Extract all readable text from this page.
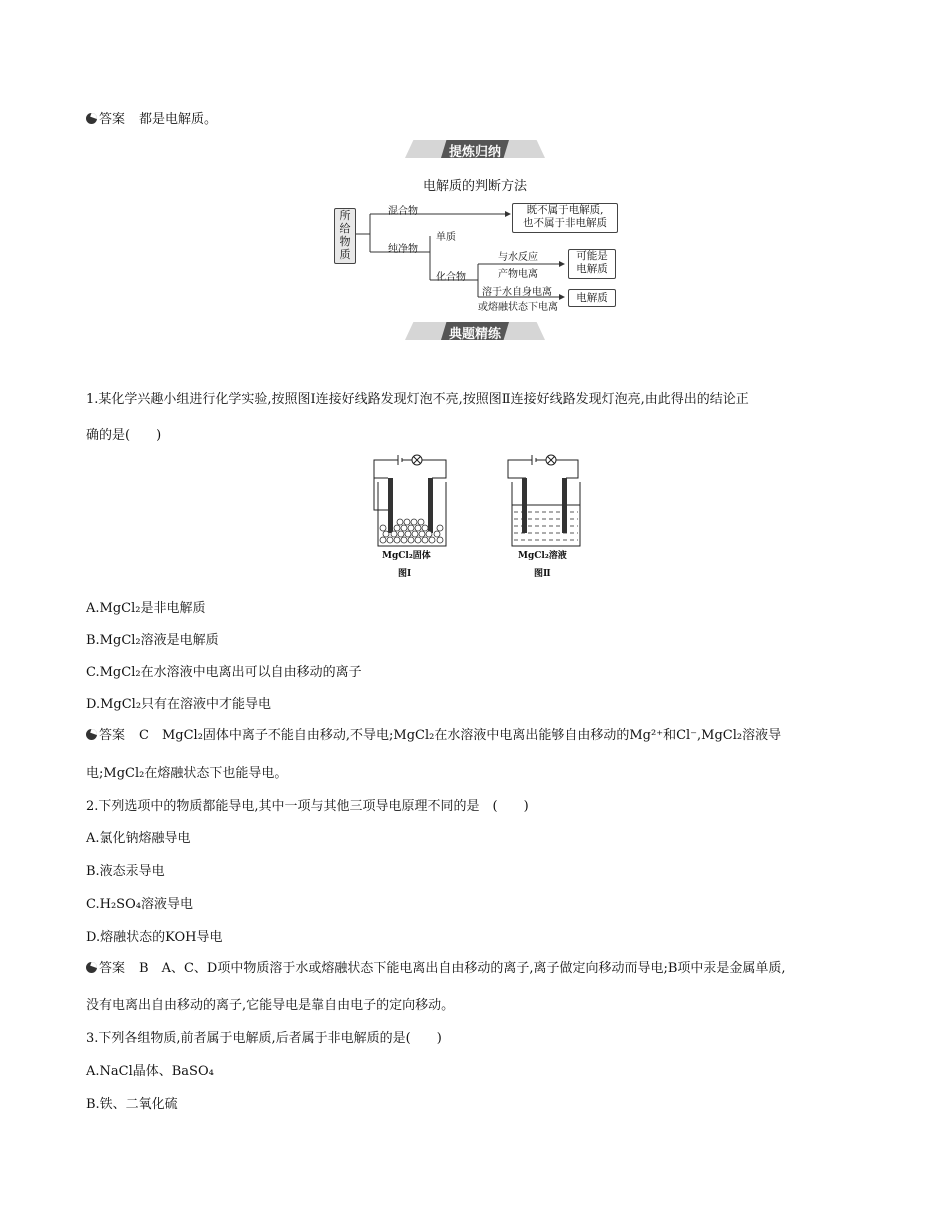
答案 都是电解质。
提炼归纳
电解质的判断方法
所给物质
混合物
纯净物
单质
化合物
与水反应
产物电离
溶于水自身电离
或熔融状态下电离
既不属于电解质,
也不属于非电解质
可能是
电解质
电解质
典题精练
1.某化学兴趣小组进行化学实验,按照图Ⅰ连接好线路发现灯泡不亮,按照图Ⅱ连接好线路发现灯泡亮,由此得出的结论正
确的是(　　)
MgCl₂固体
图Ⅰ
MgCl₂溶液
图Ⅱ
A.MgCl₂是非电解质
B.MgCl₂溶液是电解质
C.MgCl₂在水溶液中电离出可以自由移动的离子
D.MgCl₂只有在溶液中才能导电
答案 C　MgCl₂固体中离子不能自由移动,不导电;MgCl₂在水溶液中电离出能够自由移动的Mg²⁺和Cl⁻,MgCl₂溶液导
电;MgCl₂在熔融状态下也能导电。
2.下列选项中的物质都能导电,其中一项与其他三项导电原理不同的是　(　　)
A.氯化钠熔融导电
B.液态汞导电
C.H₂SO₄溶液导电
D.熔融状态的KOH导电
答案 B　A、C、D项中物质溶于水或熔融状态下能电离出自由移动的离子,离子做定向移动而导电;B项中汞是金属单质,
没有电离出自由移动的离子,它能导电是靠自由电子的定向移动。
3.下列各组物质,前者属于电解质,后者属于非电解质的是(　　)
A.NaCl晶体、BaSO₄
B.铁、二氧化硫
